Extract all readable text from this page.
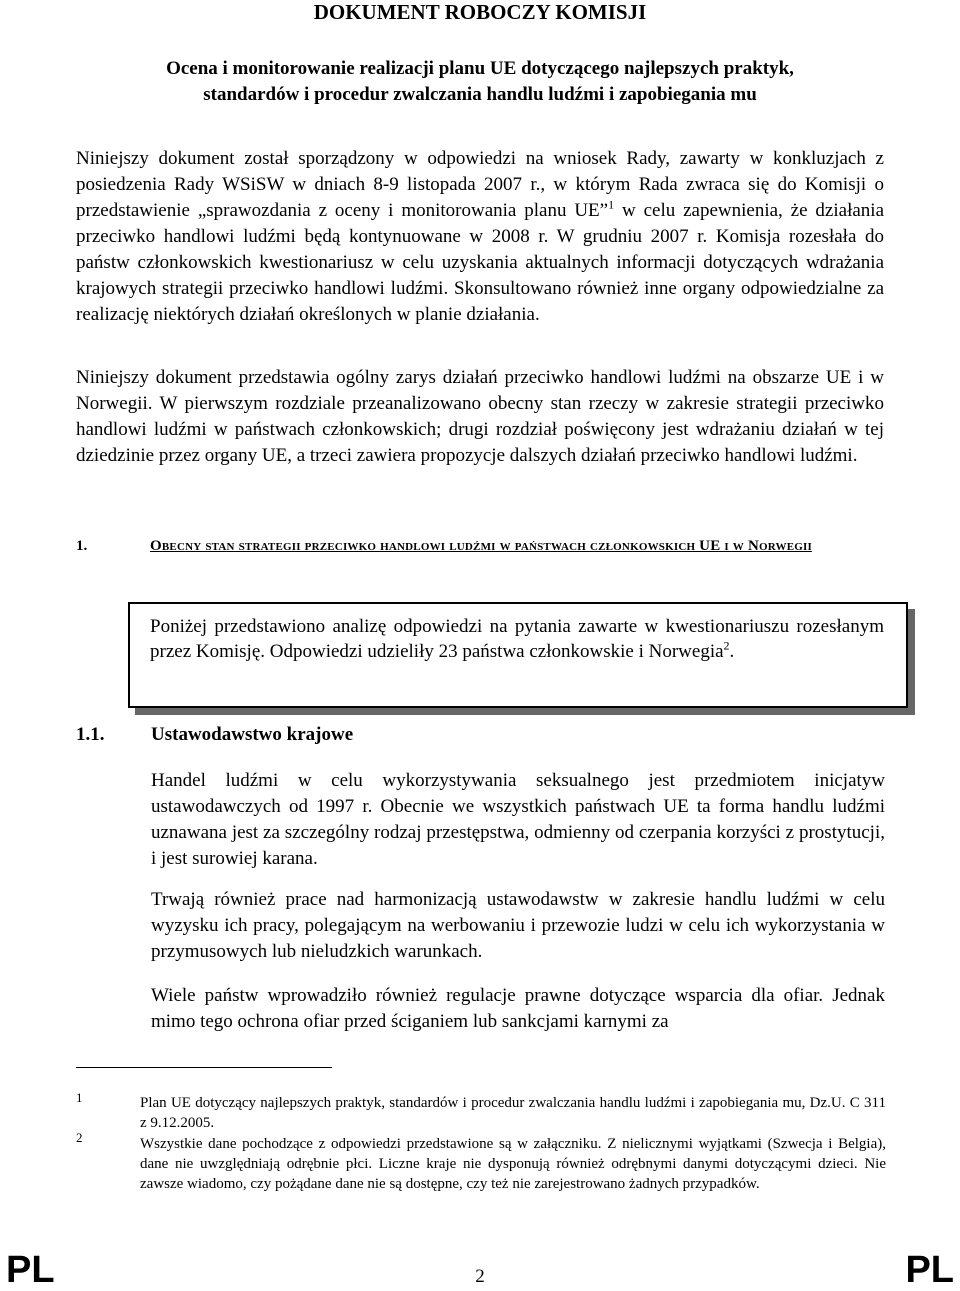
DOKUMENT ROBOCZY KOMISJI
Ocena i monitorowanie realizacji planu UE dotyczącego najlepszych praktyk,
standardów i procedur zwalczania handlu ludźmi i zapobiegania mu
Niniejszy dokument został sporządzony w odpowiedzi na wniosek Rady, zawarty w konkluzjach z posiedzenia Rady WSiSW w dniach 8-9 listopada 2007 r., w którym Rada zwraca się do Komisji o przedstawienie „sprawozdania z oceny i monitorowania planu UE”$^1$ w celu zapewnienia, że działania przeciwko handlowi ludźmi będą kontynuowane w 2008 r. W grudniu 2007 r. Komisja rozesłała do państw członkowskich kwestionariusz w celu uzyskania aktualnych informacji dotyczących wdrażania krajowych strategii przeciwko handlowi ludźmi. Skonsultowano również inne organy odpowiedzialne za realizację niektórych działań określonych w planie działania.
Niniejszy dokument przedstawia ogólny zarys działań przeciwko handlowi ludźmi na obszarze UE i w Norwegii. W pierwszym rozdziale przeanalizowano obecny stan rzeczy w zakresie strategii przeciwko handlowi ludźmi w państwach członkowskich; drugi rozdział poświęcony jest wdrażaniu działań w tej dziedzinie przez organy UE, a trzeci zawiera propozycje dalszych działań przeciwko handlowi ludźmi.
1.	Obecny stan strategii przeciwko handlowi ludźmi w państwach członkowskich UE i w Norwegii
Poniżej przedstawiono analizę odpowiedzi na pytania zawarte w kwestionariuszu rozesłanym przez Komisję. Odpowiedzi udzieliły 23 państwa członkowskie i Norwegia$^2$.
1.1. Ustawodawstwo krajowe
Handel ludźmi w celu wykorzystywania seksualnego jest przedmiotem inicjatyw ustawodawczych od 1997 r. Obecnie we wszystkich państwach UE ta forma handlu ludźmi uznawana jest za szczególny rodzaj przestępstwa, odmienny od czerpania korzyści z prostytucji, i jest surowiej karana.
Trwają również prace nad harmonizacją ustawodawstw w zakresie handlu ludźmi w celu wyzysku ich pracy, polegającym na werbowaniu i przewozie ludzi w celu ich wykorzystania w przymusowych lub nieludzkich warunkach.
Wiele państw wprowadziło również regulacje prawne dotyczące wsparcia dla ofiar. Jednak mimo tego ochrona ofiar przed ściganiem lub sankcjami karnymi za
1	Plan UE dotyczący najlepszych praktyk, standardów i procedur zwalczania handlu ludźmi i zapobiegania mu, Dz.U. C 311 z 9.12.2005.
2	Wszystkie dane pochodzące z odpowiedzi przedstawione są w załączniku. Z nielicznymi wyjątkami (Szwecja i Belgia), dane nie uwzględniają odrębnie płci. Liczne kraje nie dysponują również odrębnymi danymi dotyczącymi dzieci. Nie zawsze wiadomo, czy pożądane dane nie są dostępne, czy też nie zarejestrowano żadnych przypadków.
PL	2	PL
